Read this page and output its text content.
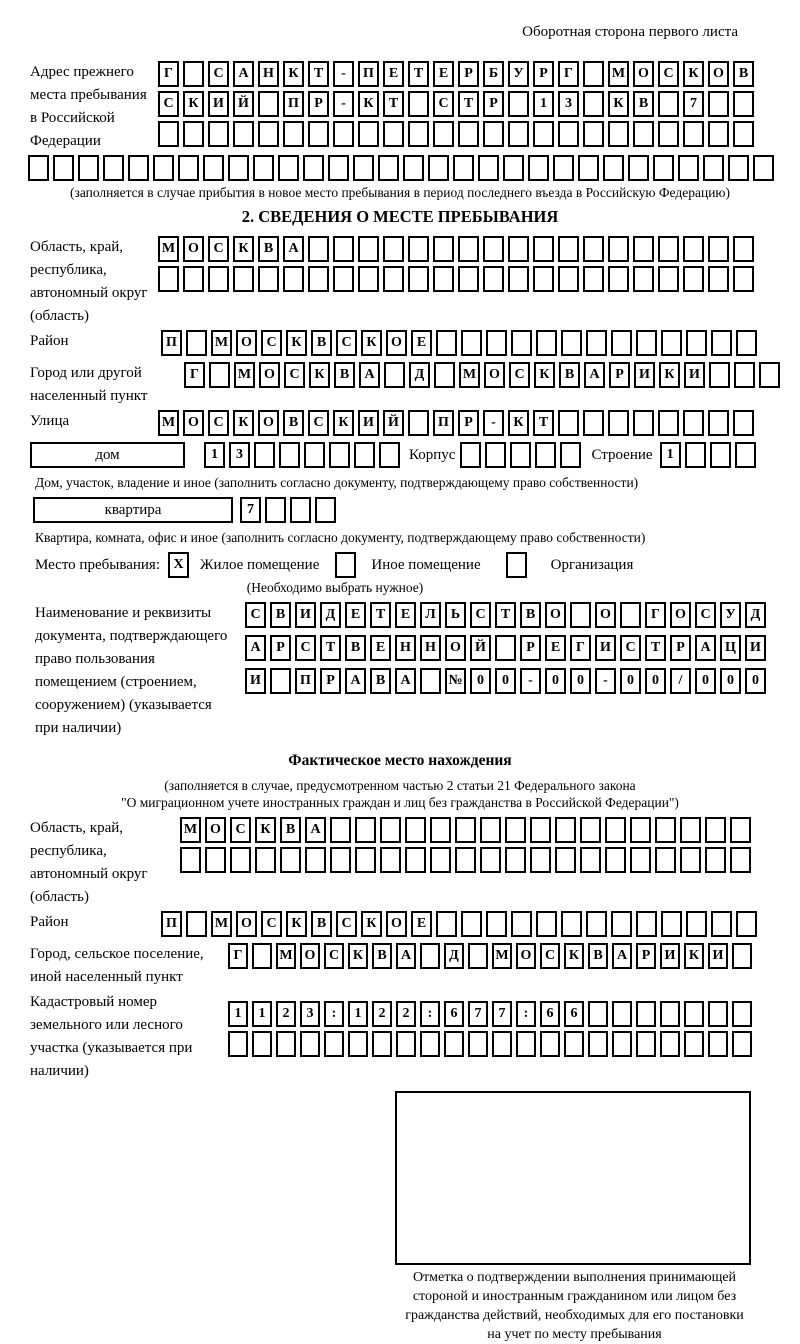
Оборотная сторона первого листа
Адрес прежнего места пребывания в Российской Федерации
Г	С	А	Н	К	Т	-	П	Е	Т	Е	Р	Б	У	Р	Г	М О	С	К	О	В
С	К	И	Й	П	Р	-	К	Т	С	Т	Р	1	3	К	В	7
(заполняется в случае прибытия в новое место пребывания в период последнего въезда в Российскую Федерацию)
2. СВЕДЕНИЯ О МЕСТЕ ПРЕБЫВАНИЯ
Область, край, республика, автономный округ (область)
М О	С	К	В	А
Район	П	М О	С	К	В	С	К	О	Е
Город или другой населенный пункт
Г	М О	С	К	В	А	Д	М О	С	К	В	А	Р	И	К	И
Улица	М О	С	К	О	В	С	К	И	Й	П	Р	-	К	Т
дом	1	3	Корпус	Строение	1
Дом, участок, владение и иное (заполнить согласно документу, подтверждающему право собственности)
квартира	7
Квартира, комната, офис и иное (заполнить согласно документу, подтверждающему право собственности)
Место пребывания: X	Жилое помещение	Иное помещение	Организация
(Необходимо выбрать нужное)
Наименование и реквизиты документа, подтверждающего право пользования помещением (строением, сооружением) (указывается при наличии)
С	В	И	Д	Е	Т	Е	Л	Ь	С	Т	В	О	О	Г	О	С	У	Д
А	Р	С	Т	В	Е	Н	Н	О	Й	Р	Е	Г	И	С	Т	Р	А	Ц	И
И	П	Р	А	В	А	№	0	0	-	0	0	-	0	0	/	0	0	0
Фактическое место нахождения
(заполняется в случае, предусмотренном частью 2 статьи 21 Федерального закона
"О миграционном учете иностранных граждан и лиц без гражданства в Российской Федерации")
Область, край, республика, автономный округ (область)
М О	С	К	В	А
Район	П	М О	С	К	В	С	К	О	Е
Город, сельское поселение, иной населенный пункт
Г	М О С К	В	А	Д	М О С К	В	А	Р	И К И
Кадастровый номер земельного или лесного участка (указывается при наличии)
1	1	2	3	:	1	2	2	:	6	7	7	:	6	6
Отметка о подтверждении выполнения принимающей стороной и иностранным гражданином или лицом без гражданства действий, необходимых для его постановки на учет по месту пребывания
